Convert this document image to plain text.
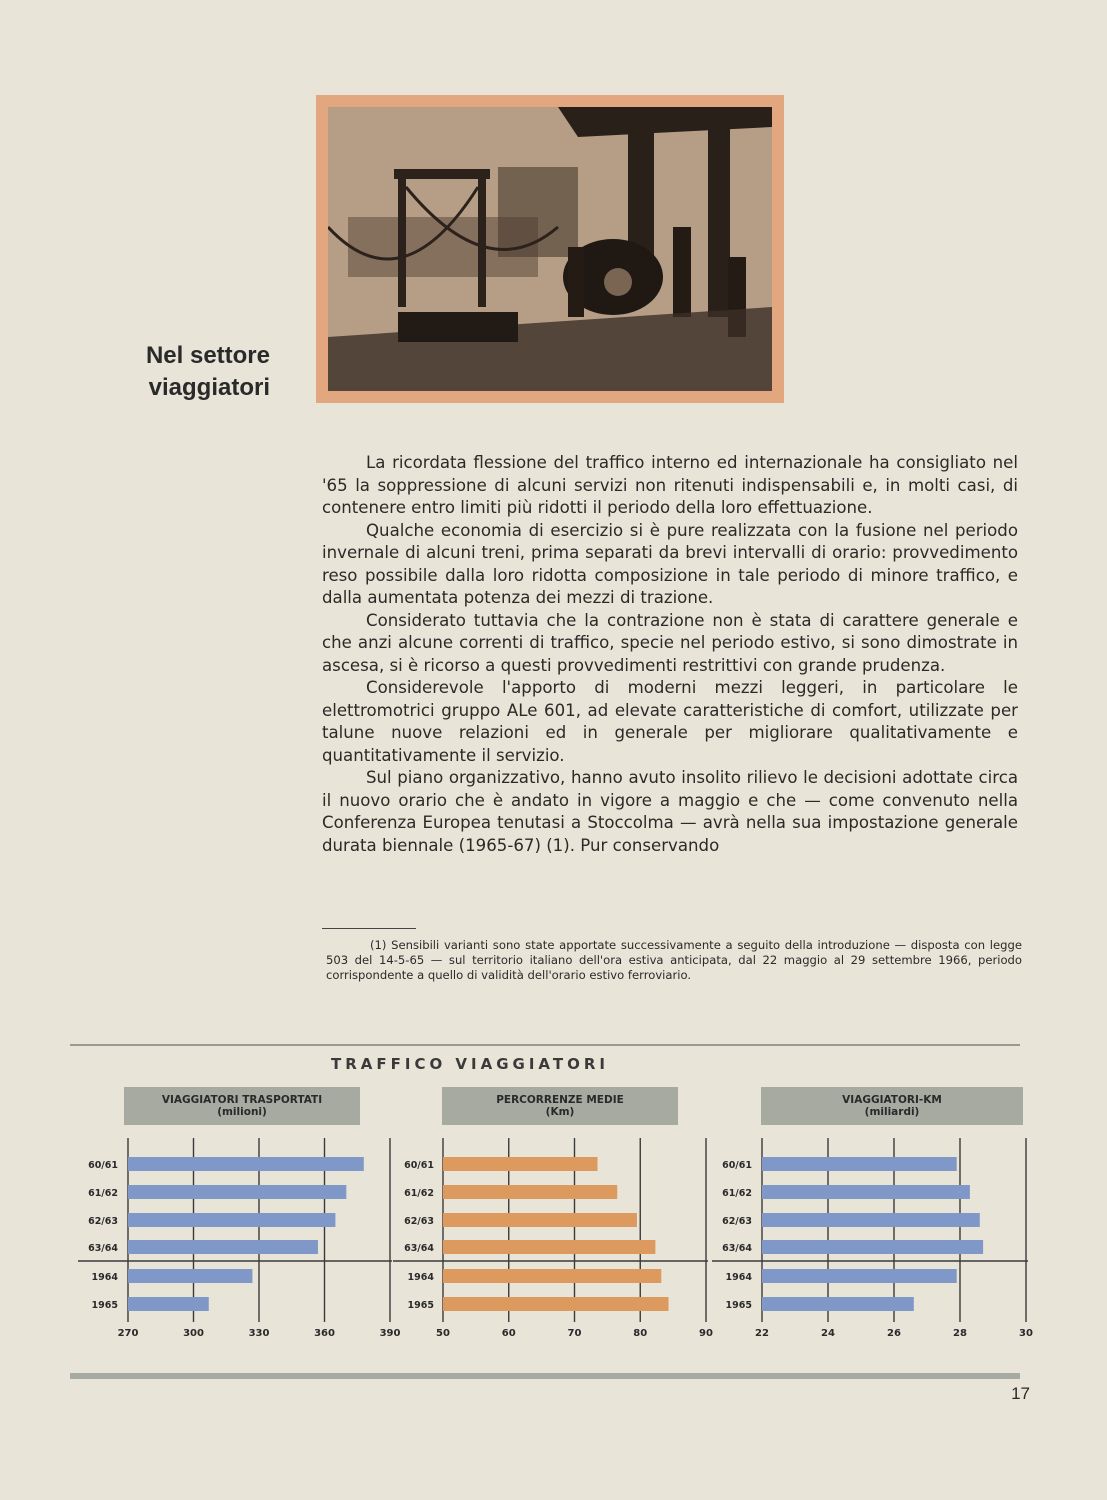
Nel settore
viaggiatori

La ricordata flessione del traffico interno ed internazionale ha consigliato nel '65 la soppressione di alcuni servizi non ritenuti indispensabili e, in molti casi, di contenere entro limiti più ridotti il periodo della loro effettuazione.

Qualche economia di esercizio si è pure realizzata con la fusione nel periodo invernale di alcuni treni, prima separati da brevi intervalli di orario: provvedimento reso possibile dalla loro ridotta composizione in tale periodo di minore traffico, e dalla aumentata potenza dei mezzi di trazione.

Considerato tuttavia che la contrazione non è stata di carattere generale e che anzi alcune correnti di traffico, specie nel periodo estivo, si sono dimostrate in ascesa, si è ricorso a questi provvedimenti restrittivi con grande prudenza.

Considerevole l'apporto di moderni mezzi leggeri, in particolare le elettromotrici gruppo ALe 601, ad elevate caratteristiche di comfort, utilizzate per talune nuove relazioni ed in generale per migliorare qualitativamente e quantitativamente il servizio.

Sul piano organizzativo, hanno avuto insolito rilievo le decisioni adottate circa il nuovo orario che è andato in vigore a maggio e che — come convenuto nella Conferenza Europea tenutasi a Stoccolma — avrà nella sua impostazione generale durata biennale (1965-67) (1). Pur conservando

(1) Sensibili varianti sono state apportate successivamente a seguito della introduzione — disposta con legge 503 del 14-5-65 — sul territorio italiano dell'ora estiva anticipata, dal 22 maggio al 29 settembre 1966, periodo corrispondente a quello di validità dell'orario estivo ferroviario.
TRAFFICO VIAGGIATORI
VIAGGIATORI TRASPORTATI
(milioni)
PERCORRENZE MEDIE
(Km)
VIAGGIATORI-KM
(miliardi)
270	300	330	360	390
60/61
61/62
62/63
63/64
1964
1965
50	60	70	80	90
60/61
61/62
62/63
63/64
1964
1965
22	24	26	28	30
60/61
61/62
62/63
63/64
1964
1965
17
